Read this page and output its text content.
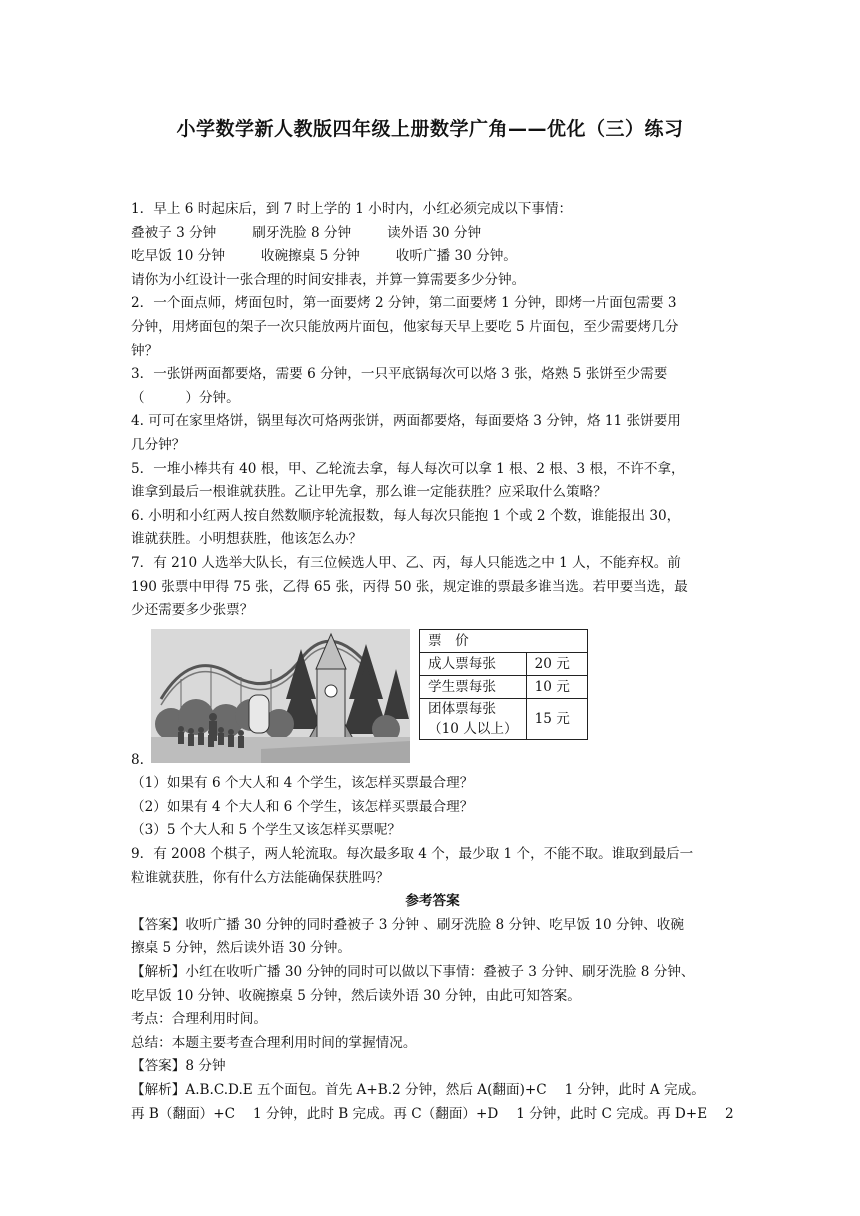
小学数学新人教版四年级上册数学广角——优化（三）练习

1．早上 6 时起床后，到 7 时上学的 1 小时内，小红必须完成以下事情：

叠被子 3 分钟	刷牙洗脸 8 分钟	读外语 30 分钟

吃早饭 10 分钟	收碗擦桌 5 分钟	收听广播 30 分钟。

请你为小红设计一张合理的时间安排表，并算一算需要多少分钟。

2．一个面点师，烤面包时，第一面要烤 2 分钟，第二面要烤 1 分钟，即烤一片面包需要 3

分钟，用烤面包的架子一次只能放两片面包，他家每天早上要吃 5 片面包，至少需要烤几分

钟？

3．一张饼两面都要烙，需要 6 分钟，一只平底锅每次可以烙 3 张，烙熟 5 张饼至少需要

（　　　）分钟。

4. 可可在家里烙饼，锅里每次可烙两张饼，两面都要烙，每面要烙 3 分钟，烙 11 张饼要用

几分钟？

5．一堆小棒共有 40 根，甲、乙轮流去拿，每人每次可以拿 1 根、2 根、3 根，不许不拿，

谁拿到最后一根谁就获胜。乙让甲先拿，那么谁一定能获胜？应采取什么策略？

6. 小明和小红两人按自然数顺序轮流报数，每人每次只能抱 1 个或 2 个数，谁能报出 30，

谁就获胜。小明想获胜，他该怎么办？

7．有 210 人选举大队长，有三位候选人甲、乙、丙，每人只能选之中 1 人，不能弃权。前

190 张票中甲得 75 张，乙得 65 张，丙得 50 张，规定谁的票最多谁当选。若甲要当选，最

少还需要多少张票？

票　价	
成人票每张	20 元
学生票每张	10 元

团体票每张
（10 人以上）	15 元

8.

（1）如果有 6 个大人和 4 个学生，该怎样买票最合理？

（2）如果有 4 个大人和 6 个学生，该怎样买票最合理？

（3）5 个大人和 5 个学生又该怎样买票呢？

9．有 2008 个棋子，两人轮流取。每次最多取 4 个，最少取 1 个，不能不取。谁取到最后一

粒谁就获胜，你有什么方法能确保获胜吗？

参考答案

【答案】收听广播 30 分钟的同时叠被子 3 分钟 、刷牙洗脸 8 分钟、吃早饭 10 分钟、收碗

擦桌 5 分钟，然后读外语 30 分钟。

【解析】小红在收听广播 30 分钟的同时可以做以下事情：叠被子 3 分钟、刷牙洗脸 8 分钟、

吃早饭 10 分钟、收碗擦桌 5 分钟，然后读外语 30 分钟，由此可知答案。

考点：合理利用时间。

总结：本题主要考查合理利用时间的掌握情况。

【答案】8 分钟

【解析】A.B.C.D.E 五个面包。首先 A+B.2 分钟，然后 A(翻面)+C　 1 分钟，此时 A 完成。

再 B（翻面）+C　 1 分钟，此时 B 完成。再 C（翻面）+D　 1 分钟，此时 C 完成。再 D+E　 2
